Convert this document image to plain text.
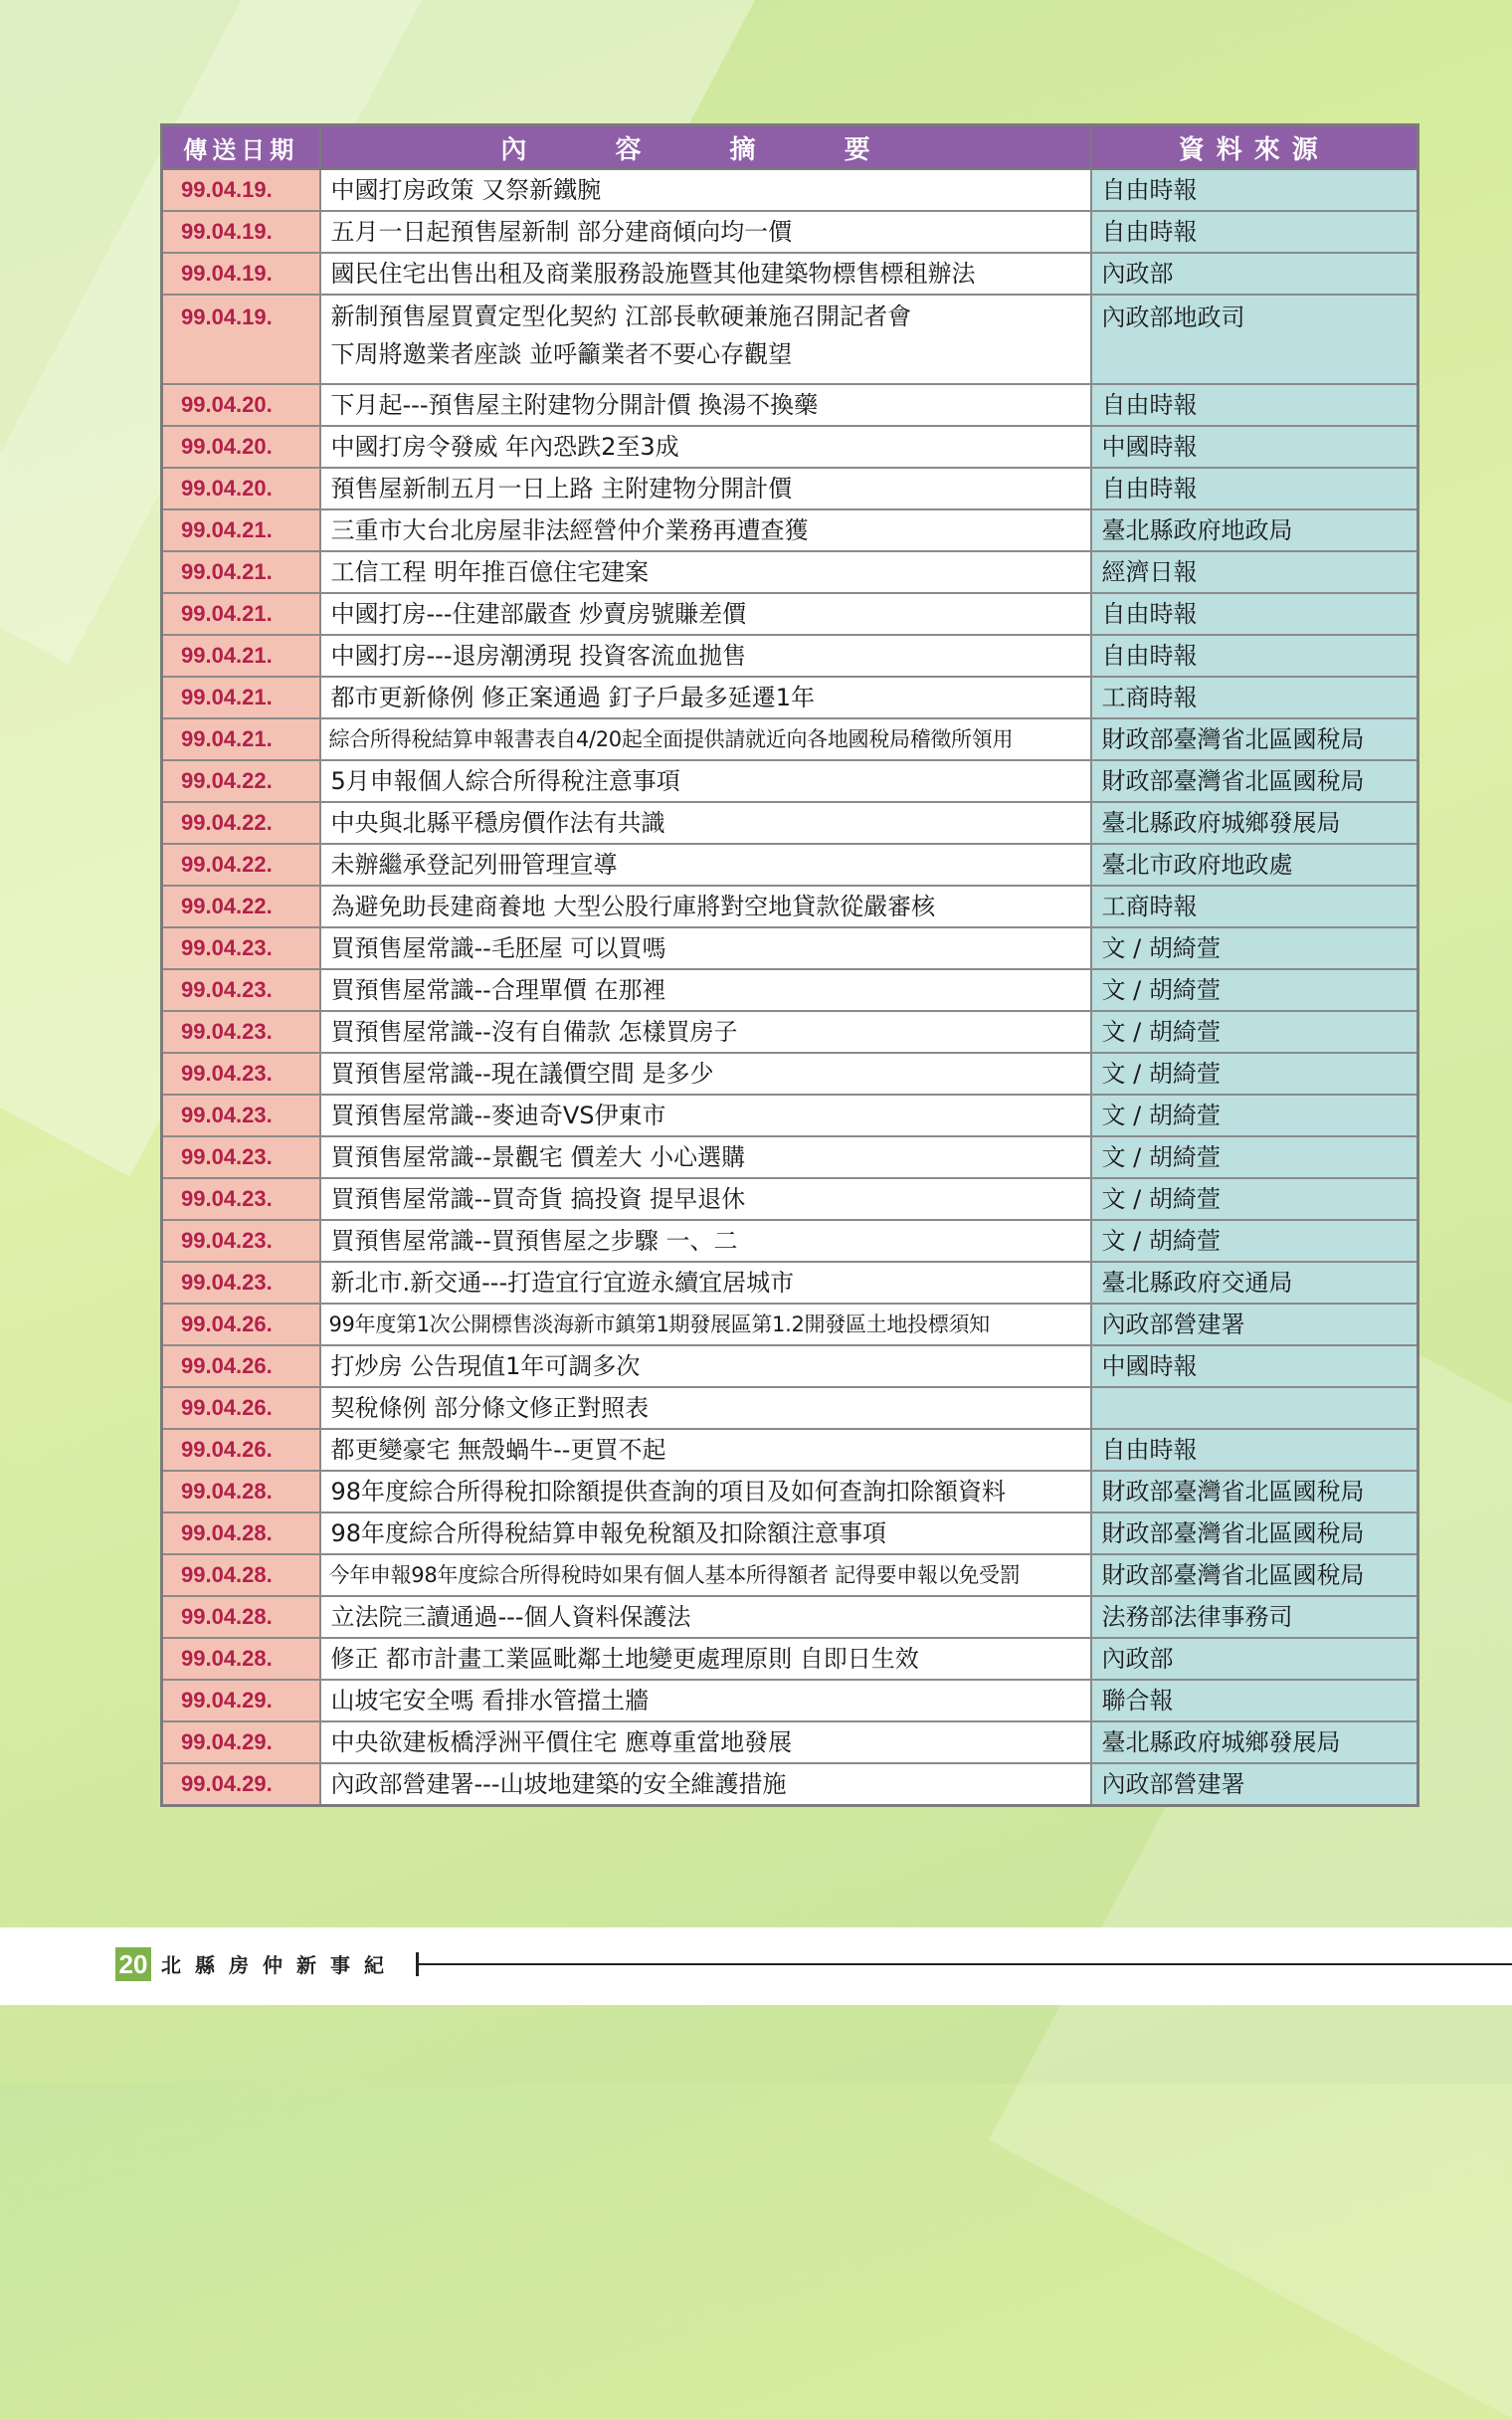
傳送日期	內 容 摘 要	資料來源
99.04.19.	中國打房政策 又祭新鐵腕	自由時報
99.04.19.	五月一日起預售屋新制 部分建商傾向均一價	自由時報
99.04.19.	國民住宅出售出租及商業服務設施暨其他建築物標售標租辦法	內政部
99.04.19.	新制預售屋買賣定型化契約 江部長軟硬兼施召開記者會
下周將邀業者座談 並呼籲業者不要心存觀望	內政部地政司
99.04.20.	下月起---預售屋主附建物分開計價 換湯不換藥	自由時報
99.04.20.	中國打房令發威 年內恐跌2至3成	中國時報
99.04.20.	預售屋新制五月一日上路 主附建物分開計價	自由時報
99.04.21.	三重市大台北房屋非法經營仲介業務再遭查獲	臺北縣政府地政局
99.04.21.	工信工程 明年推百億住宅建案	經濟日報
99.04.21.	中國打房---住建部嚴查 炒賣房號賺差價	自由時報
99.04.21.	中國打房---退房潮湧現 投資客流血拋售	自由時報
99.04.21.	都市更新條例 修正案通過 釘子戶最多延遷1年	工商時報
99.04.21.	綜合所得稅結算申報書表自4/20起全面提供請就近向各地國稅局稽徵所領用	財政部臺灣省北區國稅局
99.04.22.	5月申報個人綜合所得稅注意事項	財政部臺灣省北區國稅局
99.04.22.	中央與北縣平穩房價作法有共識	臺北縣政府城鄉發展局
99.04.22.	未辦繼承登記列冊管理宣導	臺北市政府地政處
99.04.22.	為避免助長建商養地 大型公股行庫將對空地貸款從嚴審核	工商時報
99.04.23.	買預售屋常識--毛胚屋 可以買嗎	文 / 胡綺萱
99.04.23.	買預售屋常識--合理單價 在那裡	文 / 胡綺萱
99.04.23.	買預售屋常識--沒有自備款 怎樣買房子	文 / 胡綺萱
99.04.23.	買預售屋常識--現在議價空間 是多少	文 / 胡綺萱
99.04.23.	買預售屋常識--麥迪奇VS伊東市	文 / 胡綺萱
99.04.23.	買預售屋常識--景觀宅 價差大 小心選購	文 / 胡綺萱
99.04.23.	買預售屋常識--買奇貨 搞投資 提早退休	文 / 胡綺萱
99.04.23.	買預售屋常識--買預售屋之步驟 一、二	文 / 胡綺萱
99.04.23.	新北市.新交通---打造宜行宜遊永續宜居城市	臺北縣政府交通局
99.04.26.	99年度第1次公開標售淡海新市鎮第1期發展區第1.2開發區土地投標須知	內政部營建署
99.04.26.	打炒房 公告現值1年可調多次	中國時報
99.04.26.	契稅條例 部分條文修正對照表	
99.04.26.	都更變豪宅 無殼蝸牛--更買不起	自由時報
99.04.28.	98年度綜合所得稅扣除額提供查詢的項目及如何查詢扣除額資料	財政部臺灣省北區國稅局
99.04.28.	98年度綜合所得稅結算申報免稅額及扣除額注意事項	財政部臺灣省北區國稅局
99.04.28.	今年申報98年度綜合所得稅時如果有個人基本所得額者 記得要申報以免受罰	財政部臺灣省北區國稅局
99.04.28.	立法院三讀通過---個人資料保護法	法務部法律事務司
99.04.28.	修正 都市計畫工業區毗鄰土地變更處理原則 自即日生效	內政部
99.04.29.	山坡宅安全嗎 看排水管擋土牆	聯合報
99.04.29.	中央欲建板橋浮洲平價住宅 應尊重當地發展	臺北縣政府城鄉發展局
99.04.29.	內政部營建署---山坡地建築的安全維護措施	內政部營建署
20 北縣房仲新事紀
